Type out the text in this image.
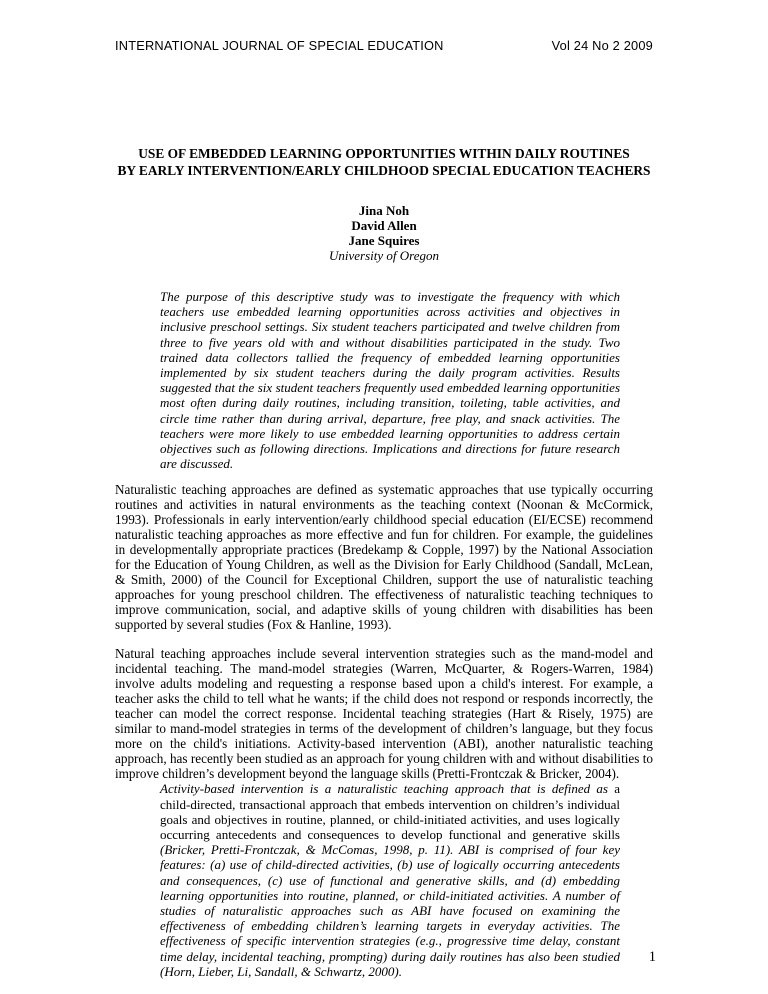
INTERNATIONAL JOURNAL OF SPECIAL EDUCATION	Vol 24 No 2 2009
USE OF EMBEDDED LEARNING OPPORTUNITIES WITHIN DAILY ROUTINES
BY EARLY INTERVENTION/EARLY CHILDHOOD SPECIAL EDUCATION TEACHERS
Jina Noh
David Allen
Jane Squires
University of Oregon
The purpose of this descriptive study was to investigate the frequency with which teachers use embedded learning opportunities across activities and objectives in inclusive preschool settings. Six student teachers participated and twelve children from three to five years old with and without disabilities participated in the study. Two trained data collectors tallied the frequency of embedded learning opportunities implemented by six student teachers during the daily program activities. Results suggested that the six student teachers frequently used embedded learning opportunities most often during daily routines, including transition, toileting, table activities, and circle time rather than during arrival, departure, free play, and snack activities. The teachers were more likely to use embedded learning opportunities to address certain objectives such as following directions. Implications and directions for future research are discussed.

Naturalistic teaching approaches are defined as systematic approaches that use typically occurring routines and activities in natural environments as the teaching context (Noonan & McCormick, 1993). Professionals in early intervention/early childhood special education (EI/ECSE) recommend naturalistic teaching approaches as more effective and fun for children. For example, the guidelines in developmentally appropriate practices (Bredekamp & Copple, 1997) by the National Association for the Education of Young Children, as well as the Division for Early Childhood (Sandall, McLean, & Smith, 2000) of the Council for Exceptional Children, support the use of naturalistic teaching approaches for young preschool children. The effectiveness of naturalistic teaching techniques to improve communication, social, and adaptive skills of young children with disabilities has been supported by several studies (Fox & Hanline, 1993).

Natural teaching approaches include several intervention strategies such as the mand-model and incidental teaching. The mand-model strategies (Warren, McQuarter, & Rogers-Warren, 1984) involve adults modeling and requesting a response based upon a child's interest. For example, a teacher asks the child to tell what he wants; if the child does not respond or responds incorrectly, the teacher can model the correct response. Incidental teaching strategies (Hart & Risely, 1975) are similar to mand-model strategies in terms of the development of children’s language, but they focus more on the child's initiations. Activity-based intervention (ABI), another naturalistic teaching approach, has recently been studied as an approach for young children with and without disabilities to improve children’s development beyond the language skills (Pretti-Frontczak & Bricker, 2004).

Activity-based intervention is a naturalistic teaching approach that is defined as a child-directed, transactional approach that embeds intervention on children’s individual goals and objectives in routine, planned, or child-initiated activities, and uses logically occurring antecedents and consequences to develop functional and generative skills (Bricker, Pretti-Frontczak, & McComas, 1998, p. 11). ABI is comprised of four key features: (a) use of child-directed activities, (b) use of logically occurring antecedents and consequences, (c) use of functional and generative skills, and (d) embedding learning opportunities into routine, planned, or child-initiated activities. A number of studies of naturalistic approaches such as ABI have focused on examining the effectiveness of embedding children’s learning targets in everyday activities. The effectiveness of specific intervention strategies (e.g., progressive time delay, constant time delay, incidental teaching, prompting) during daily routines has also been studied (Horn, Lieber, Li, Sandall, & Schwartz, 2000).
1
